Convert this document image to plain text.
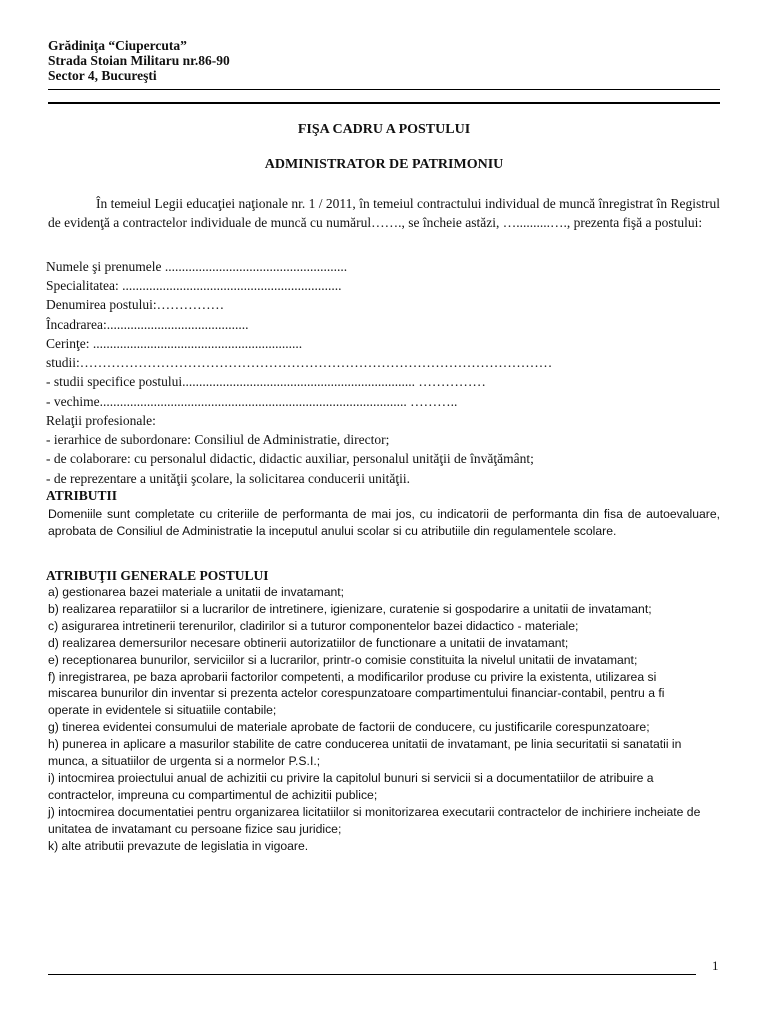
Grădiniţa “Ciupercuta”
Strada Stoian Militaru nr.86-90
Sector 4, Bucureşti
FIŞA CADRU A POSTULUI
ADMINISTRATOR DE PATRIMONIU
În temeiul Legii educaţiei naţionale nr. 1 / 2011, în temeiul contractului individual de muncă înregistrat în Registrul de evidenţă a contractelor individuale de muncă cu numărul……., se încheie astăzi, …..........…., prezenta fişă a postului:
Numele şi prenumele ......................................................
Specialitatea: .................................................................
Denumirea postului:……………
Încadrarea:..........................................
Cerinţe: ..............................................................
studii:……………………………………………………………………………………………
- studii specifice postului..................................................................... ……………
- vechime........................................................................................... ………..
Relaţii profesionale:
- ierarhice de subordonare: Consiliul de Administratie, director;
- de colaborare: cu personalul didactic, didactic auxiliar, personalul unităţii de învăţământ;
- de reprezentare a unităţii şcolare, la solicitarea conducerii unităţii.
ATRIBUTII
Domeniile sunt completate cu criteriile de performanta de mai jos, cu indicatorii de performanta din fisa de autoevaluare, aprobata de Consiliul de Administratie la inceputul anului scolar si cu atributiile din regulamentele scolare.
ATRIBUŢII GENERALE POSTULUI
a) gestionarea bazei materiale a unitatii de invatamant;
b) realizarea reparatiilor si a lucrarilor de intretinere, igienizare, curatenie si gospodarire a unitatii de invatamant;
c) asigurarea intretinerii terenurilor, cladirilor si a tuturor componentelor bazei didactico - materiale;
d) realizarea demersurilor necesare obtinerii autorizatiilor de functionare a unitatii de invatamant;
e) receptionarea bunurilor, serviciilor si a lucrarilor, printr-o comisie constituita la nivelul unitatii de invatamant;
f) inregistrarea, pe baza aprobarii factorilor competenti, a modificarilor produse cu privire la existenta, utilizarea si miscarea bunurilor din inventar si prezenta actelor corespunzatoare compartimentului financiar-contabil, pentru a fi operate in evidentele si situatiile contabile;
g) tinerea evidentei consumului de materiale aprobate de factorii de conducere, cu justificarile corespunzatoare;
h) punerea in aplicare a masurilor stabilite de catre conducerea unitatii de invatamant, pe linia securitatii si sanatatii in munca, a situatiilor de urgenta si a normelor P.S.I.;
i) intocmirea proiectului anual de achizitii cu privire la capitolul bunuri si servicii si a documentatiilor de atribuire a contractelor, impreuna cu compartimentul de achizitii publice;
j) intocmirea documentatiei pentru organizarea licitatiilor si monitorizarea executarii contractelor de inchiriere incheiate de unitatea de invatamant cu persoane fizice sau juridice;
k) alte atributii prevazute de legislatia in vigoare.
1
